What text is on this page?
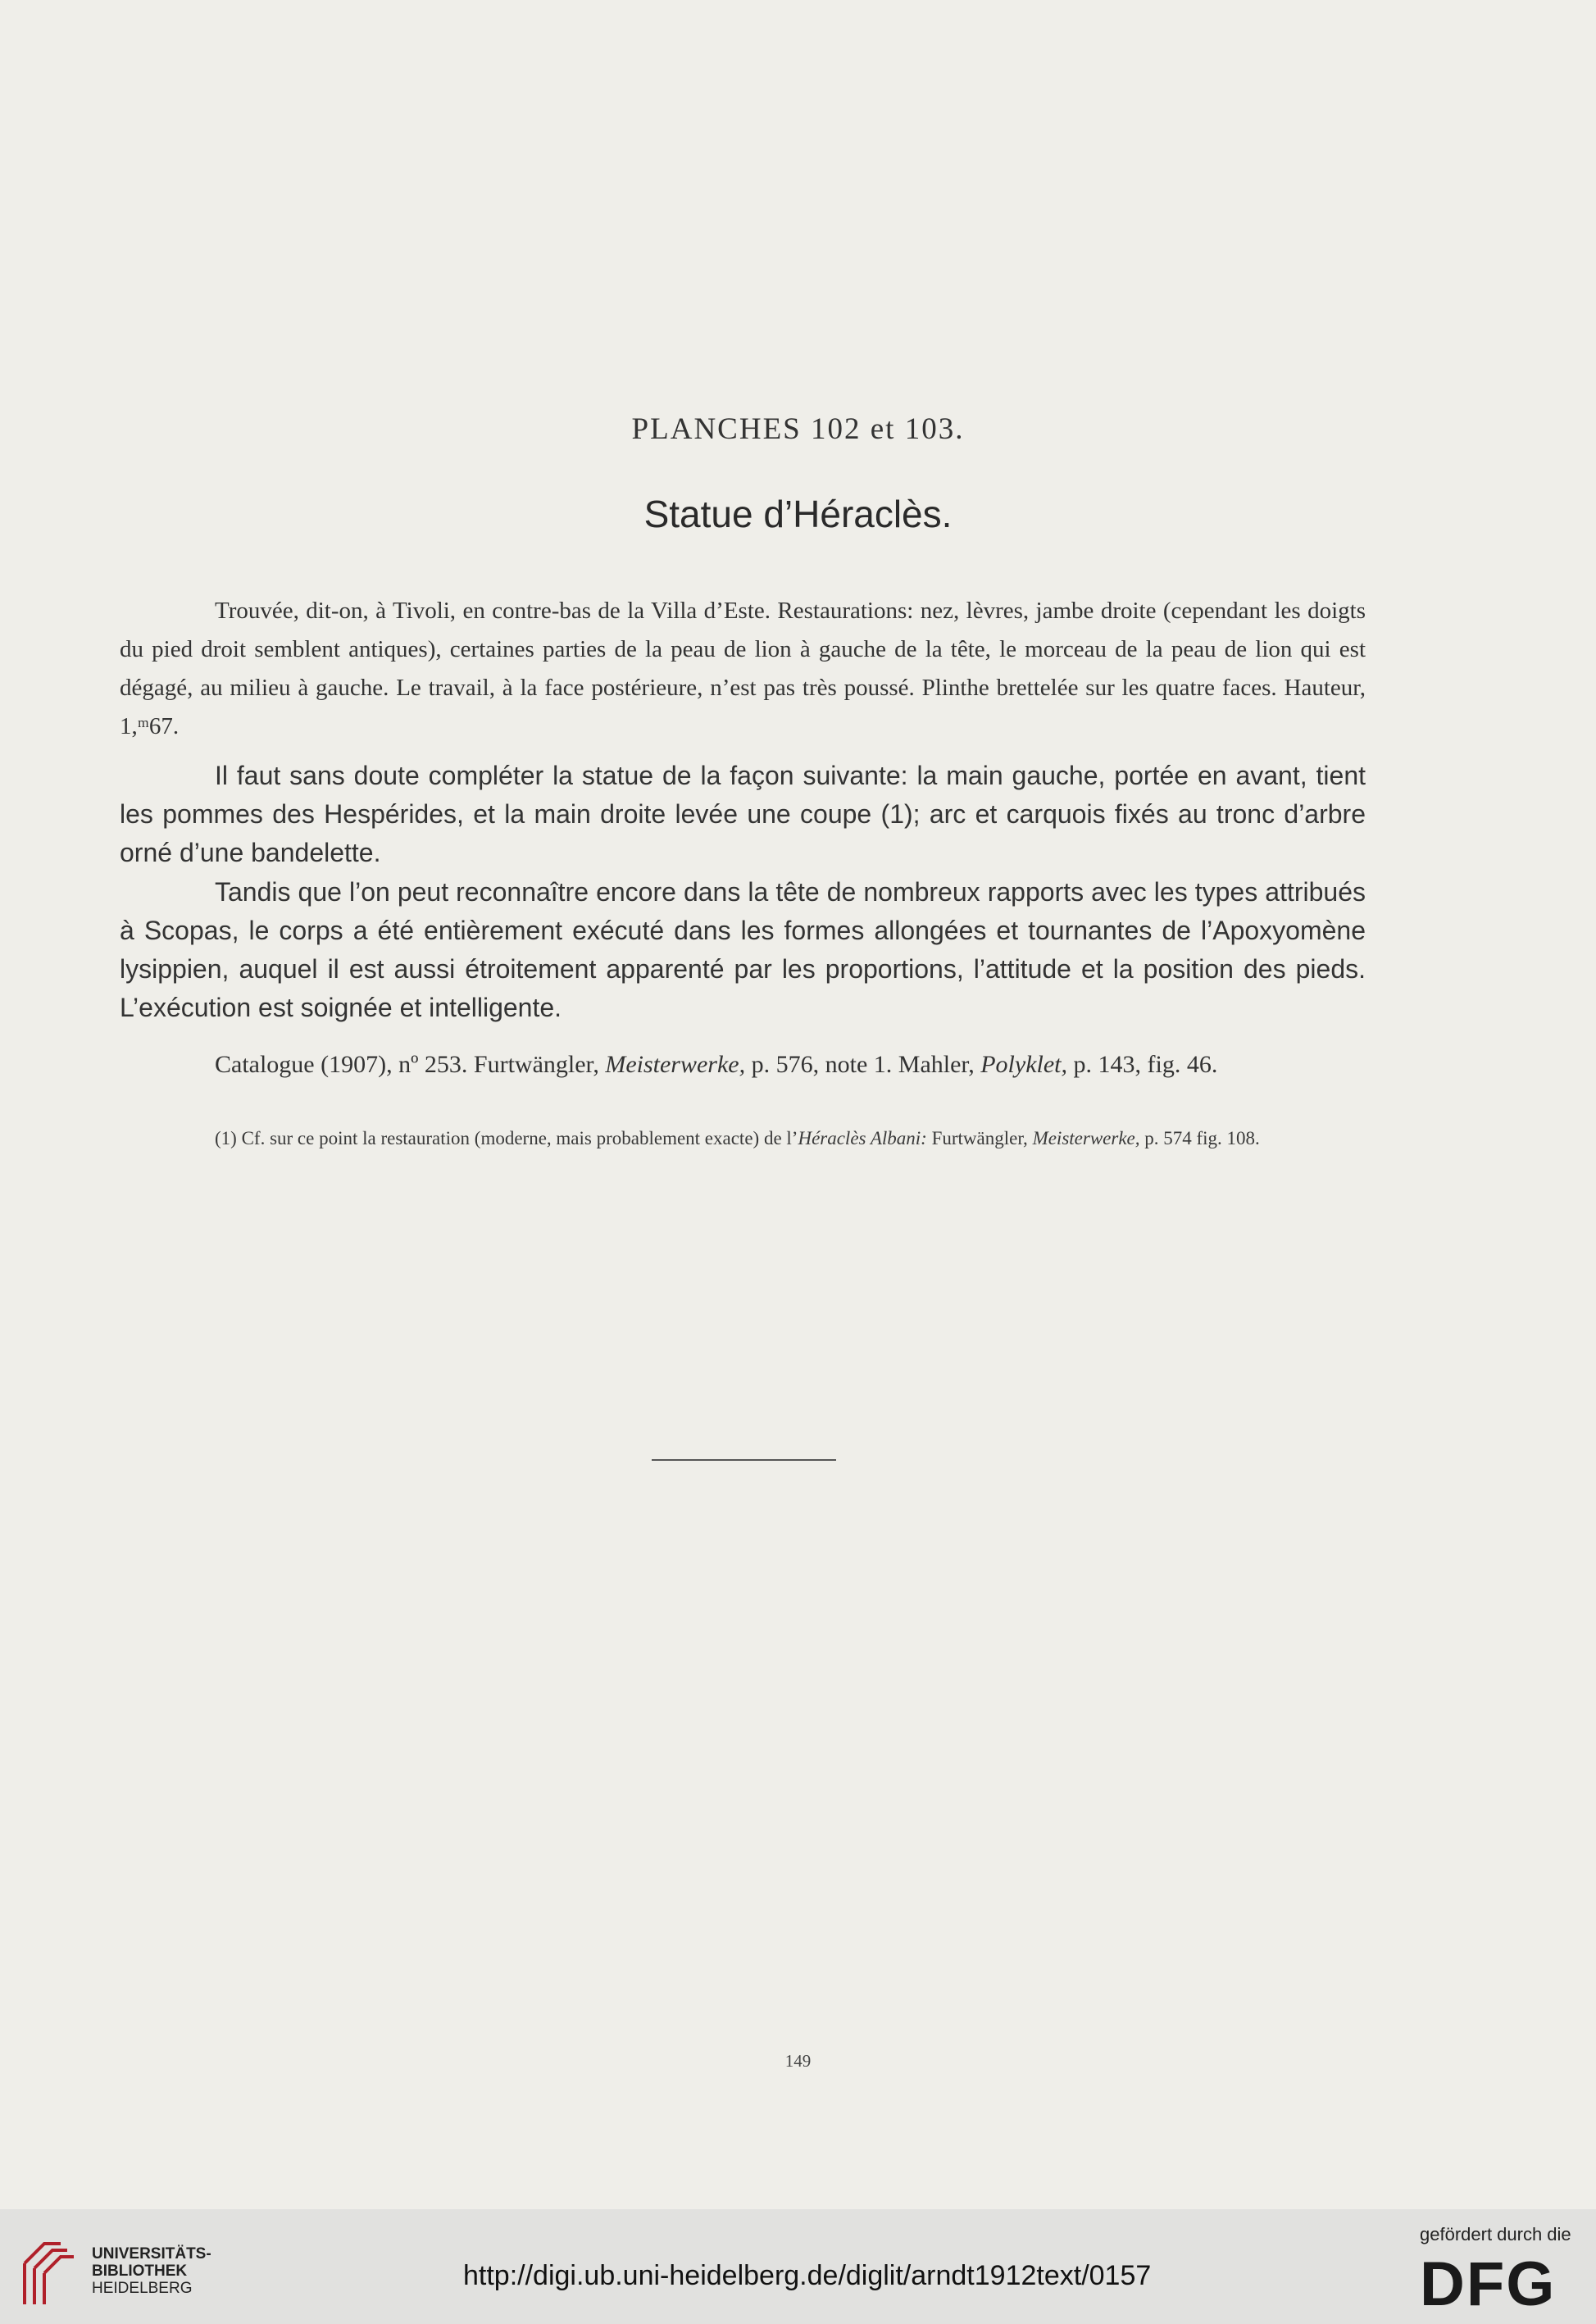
PLANCHES 102 et 103.
Statue d’Héraclès.

Trouvée, dit-on, à Tivoli, en contre-bas de la Villa d’Este. Restaurations: nez, lèvres, jambe droite (cependant les doigts du pied droit semblent antiques), certaines parties de la peau de lion à gauche de la tête, le morceau de la peau de lion qui est dégagé, au milieu à gauche. Le travail, à la face postérieure, n’est pas très poussé. Plinthe brettelée sur les quatre faces. Hauteur, 1,ᵐ67.

Il faut sans doute compléter la statue de la façon suivante: la main gauche, portée en avant, tient les pommes des Hespérides, et la main droite levée une coupe (1); arc et carquois fixés au tronc d’arbre orné d’une bandelette.

Tandis que l’on peut reconnaître encore dans la tête de nombreux rapports avec les types attribués à Scopas, le corps a été entièrement exécuté dans les formes allongées et tournantes de l’Apoxyomène lysippien, auquel il est aussi étroitement apparenté par les proportions, l’attitude et la position des pieds. L’exécution est soignée et intelligente.

Catalogue (1907), nº 253. Furtwängler, Meisterwerke, p. 576, note 1. Mahler, Polyklet, p. 143, fig. 46.

(1) Cf. sur ce point la restauration (moderne, mais probablement exacte) de l’Héraclès Albani: Furtwängler, Meisterwerke, p. 574 fig. 108.

149
UNIVERSITÄTS-
BIBLIOTHEK
HEIDELBERG	http://digi.ub.uni-heidelberg.de/diglit/arndt1912text/0157
gefördert durch die
DFG
